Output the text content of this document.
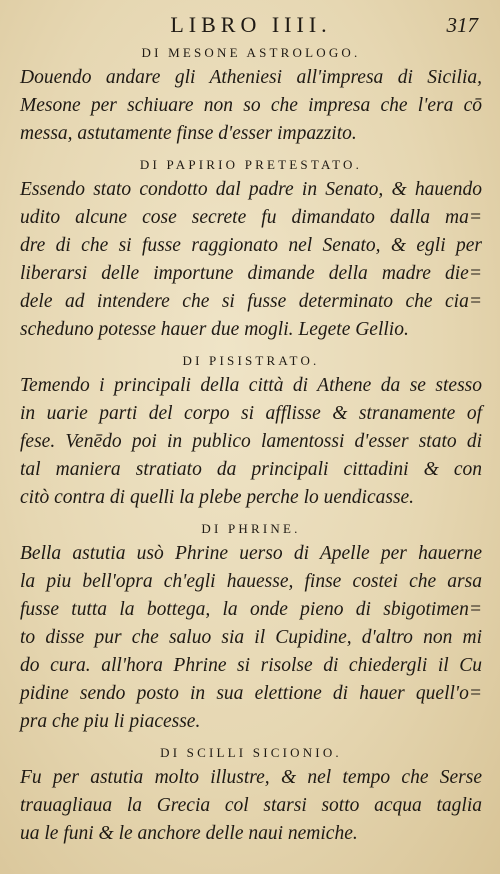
LIBRO IIII.	317
DI MESONE ASTROLOGO.
Douendo andare gli Atheniesi all'impresa di Sicilia,
Mesone per schiuare non so che impresa che l'era cō
messa, astutamente finse d'esser impazzito.
DI PAPIRIO PRETESTATO.
Essendo stato condotto dal padre in Senato, & hauendo
udito alcune cose secrete fu dimandato dalla ma=
dre di che si fusse raggionato nel Senato, & egli per
liberarsi delle importune dimande della madre die=
dele ad intendere che si fusse determinato che cia=
scheduno potesse hauer due mogli. Legete Gellio.
DI PISISTRATO.
Temendo i principali della città di Athene da se stesso
in uarie parti del corpo si afflisse & stranamente of
fese. Venēdo poi in publico lamentossi d'esser stato di
tal maniera stratiato da principali cittadini & con
citò contra di quelli la plebe perche lo uendicasse.
DI PHRINE.
Bella astutia usò Phrine uerso di Apelle per hauerne
la piu bell'opra ch'egli hauesse, finse costei che arsa
fusse tutta la bottega, la onde pieno di sbigotimen=
to disse pur che saluo sia il Cupidine, d'altro non mi
do cura. all'hora Phrine si risolse di chiedergli il Cu
pidine sendo posto in sua elettione di hauer quell'o=
pra che piu li piacesse.
DI SCILLI SICIONIO.
Fu per astutia molto illustre, & nel tempo che Serse
trauagliaua la Grecia col starsi sotto acqua taglia
ua le funi & le anchore delle naui nemiche.
